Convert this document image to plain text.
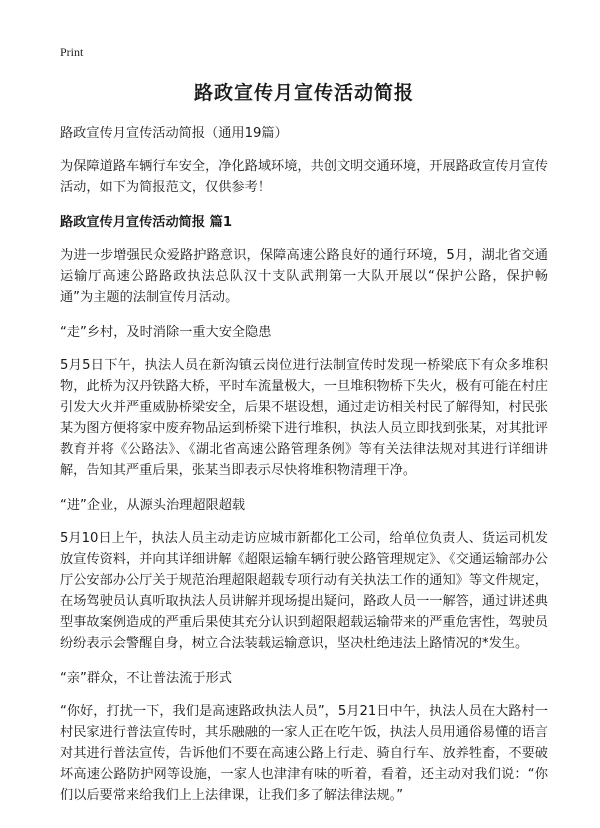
Print
路政宣传月宣传活动简报

路政宣传月宣传活动简报（通用19篇）

为保障道路车辆行车安全，净化路域环境，共创文明交通环境，开展路政宣传月宣传活动，如下为简报范文，仅供参考！

路政宣传月宣传活动简报 篇1

为进一步增强民众爱路护路意识，保障高速公路良好的通行环境，5月，湖北省交通运输厅高速公路路政执法总队汉十支队武荆第一大队开展以“保护公路，保护畅通”为主题的法制宣传月活动。

“走”乡村，及时消除一重大安全隐患

5月5日下午，执法人员在新沟镇云岗位进行法制宣传时发现一桥梁底下有众多堆积物，此桥为汉丹铁路大桥，平时车流量极大，一旦堆积物桥下失火，极有可能在村庄引发大火并严重威胁桥梁安全，后果不堪设想，通过走访相关村民了解得知，村民张某为图方便将家中废弃物品运到桥梁下进行堆积，执法人员立即找到张某，对其批评教育并将《公路法》、《湖北省高速公路管理条例》等有关法律法规对其进行详细讲解，告知其严重后果，张某当即表示尽快将堆积物清理干净。

“进”企业，从源头治理超限超载

5月10日上午，执法人员主动走访应城市新都化工公司，给单位负责人、货运司机发放宣传资料，并向其详细讲解《超限运输车辆行驶公路管理规定》、《交通运输部办公厅公安部办公厅关于规范治理超限超载专项行动有关执法工作的通知》等文件规定，在场驾驶员认真听取执法人员讲解并现场提出疑问，路政人员一一解答，通过讲述典型事故案例造成的严重后果使其充分认识到超限超载运输带来的严重危害性，驾驶员纷纷表示会警醒自身，树立合法装载运输意识，坚决杜绝违法上路情况的*发生。

“亲”群众，不让普法流于形式

“你好，打扰一下，我们是高速路政执法人员”，5月21日中午，执法人员在大路村一村民家进行普法宣传时，其乐融融的一家人正在吃午饭，执法人员用通俗易懂的语言对其进行普法宣传，告诉他们不要在高速公路上行走、骑自行车、放养牲畜，不要破坏高速公路防护网等设施，一家人也津津有味的听着，看着，还主动对我们说：“你们以后要常来给我们上上法律课，让我们多了解法律法规。”
